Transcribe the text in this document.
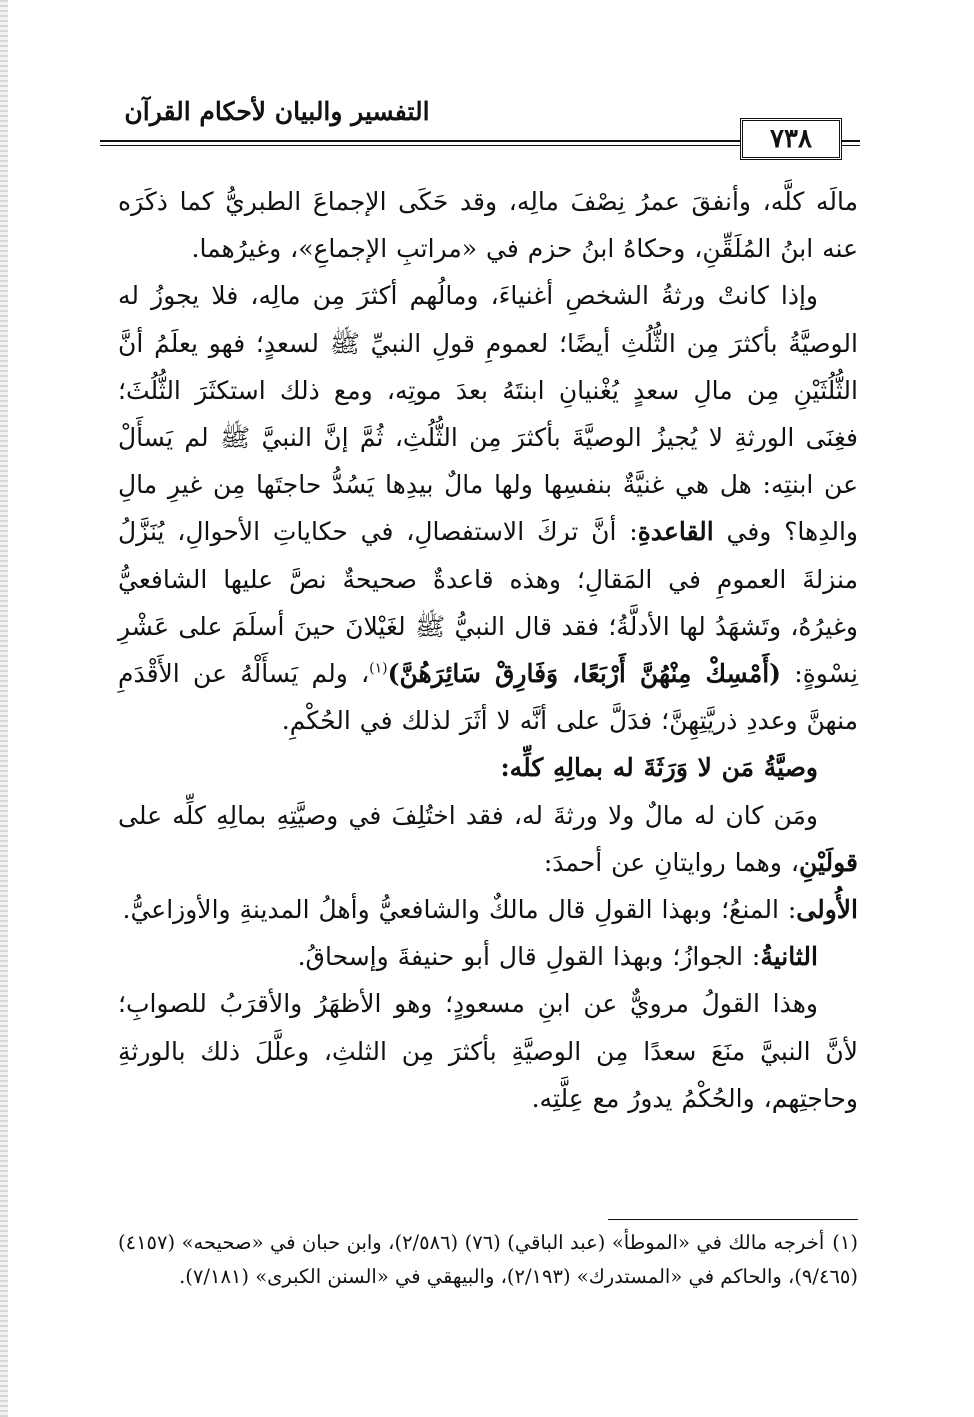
التفسير والبيان لأحكام القرآن
٧٣٨

مالَه كلَّه، وأنفقَ عمرُ نِصْفَ مالِه، وقد حَكَى الإجماعَ الطبريُّ كما ذكَرَه عنه ابنُ المُلَقِّنِ، وحكاهُ ابنُ حزم في «مراتبِ الإجماعِ»، وغيرُهما.

وإذا كانتْ ورثةُ الشخصِ أغنياءَ، ومالُهم أكثرَ مِن مالِه، فلا يجوزُ له الوصيَّةُ بأكثرَ مِن الثُّلُثِ أيضًا؛ لعمومِ قولِ النبيِّ ﷺ لسعدٍ؛ فهو يعلَمُ أنَّ الثُّلُثَيْنِ مِن مالِ سعدٍ يُغْنيانِ ابنتَهُ بعدَ موتِه، ومع ذلك استكثَرَ الثُّلُثَ؛ فغِنَى الورثةِ لا يُجيزُ الوصيَّةَ بأكثرَ مِن الثُّلُثِ، ثُمَّ إنَّ النبيَّ ﷺ لم يَسأَلْ عن ابنتِه: هل هي غنيَّةٌ بنفسِها ولها مالٌ بيدِها يَسُدُّ حاجتَها مِن غيرِ مالِ والدِها؟ وفي القاعدةِ: أنَّ تركَ الاستفصالِ، في حكاياتِ الأحوالِ، يُنَزَّلُ منزلةَ العمومِ في المَقالِ؛ وهذه قاعدةٌ صحيحةٌ نصَّ عليها الشافعيُّ وغيرُهُ، وتَشهَدُ لها الأدلَّةُ؛ فقد قال النبيُّ ﷺ لغَيْلانَ حينَ أسلَمَ على عَشْرِ نِسْوةٍ: (أَمْسِكْ مِنْهُنَّ أَرْبَعًا، وَفَارِقْ سَائِرَهُنَّ)$^{(١)}$، ولم يَسأَلْهُ عن الأَقْدَمِ منهنَّ وعددِ ذريَّتِهِنَّ؛ فدَلَّ على أنَّه لا أثَرَ لذلك في الحُكْمِ.

وصيَّةُ مَن لا وَرَثَةَ له بمالِهِ كلِّه:

ومَن كان له مالٌ ولا ورثةَ له، فقد اختُلِفَ في وصيَّتِهِ بمالِهِ كلِّه على قولَيْنِ، وهما روايتانِ عن أحمدَ:

الأُولى: المنعُ؛ وبهذا القولِ قال مالكٌ والشافعيُّ وأهلُ المدينةِ والأوزاعيُّ.

الثانيةُ: الجوازُ؛ وبهذا القولِ قال أبو حنيفةَ وإسحاقُ.

وهذا القولُ مرويٌّ عن ابنِ مسعودٍ؛ وهو الأظهَرُ والأقرَبُ للصوابِ؛ لأنَّ النبيَّ منَعَ سعدًا مِن الوصيَّةِ بأكثرَ مِن الثلثِ، وعلَّلَ ذلك بالورثةِ وحاجتِهم، والحُكْمُ يدورُ مع عِلَّتِه.

(١)أخرجه مالك في «الموطأ» (عبد الباقي) (٧٦) (٢/٥٨٦)، وابن حبان في «صحيحه» (٤١٥٧) (٩/٤٦٥)، والحاكم في «المستدرك» (٢/١٩٣)، والبيهقي في «السنن الكبرى» (٧/١٨١).
